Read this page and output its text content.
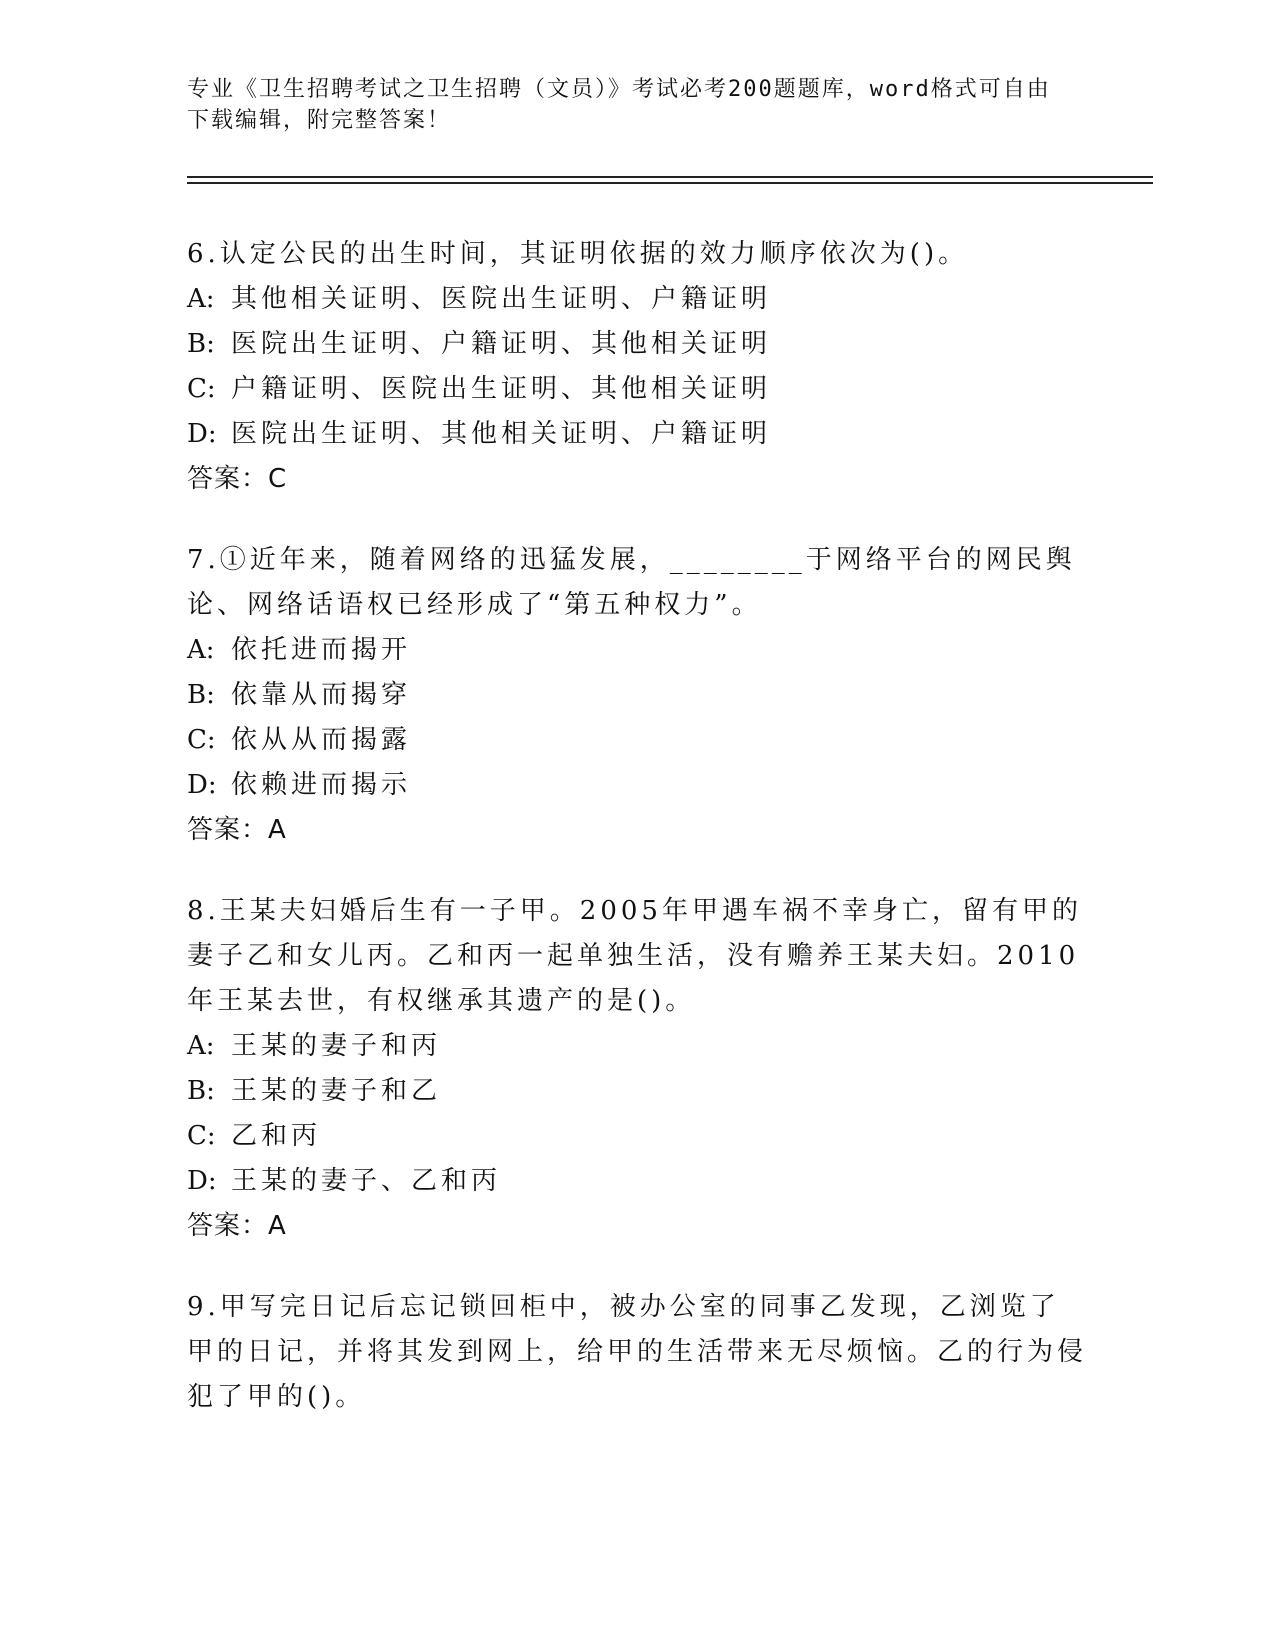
专业《卫生招聘考试之卫生招聘（文员）》考试必考200题题库，word格式可自由下载编辑，附完整答案！

6.认定公民的出生时间，其证明依据的效力顺序依次为()。

A: 其他相关证明、医院出生证明、户籍证明

B: 医院出生证明、户籍证明、其他相关证明

C: 户籍证明、医院出生证明、其他相关证明

D: 医院出生证明、其他相关证明、户籍证明

答案：C

7.①近年来，随着网络的迅猛发展，________于网络平台的网民舆论、网络话语权已经形成了“第五种权力”。

A: 依托进而揭开

B: 依靠从而揭穿

C: 依从从而揭露

D: 依赖进而揭示

答案：A

8.王某夫妇婚后生有一子甲。2005年甲遇车祸不幸身亡，留有甲的妻子乙和女儿丙。乙和丙一起单独生活，没有赡养王某夫妇。2010年王某去世，有权继承其遗产的是()。

A: 王某的妻子和丙

B: 王某的妻子和乙

C: 乙和丙

D: 王某的妻子、乙和丙

答案：A

9.甲写完日记后忘记锁回柜中，被办公室的同事乙发现，乙浏览了甲的日记，并将其发到网上，给甲的生活带来无尽烦恼。乙的行为侵犯了甲的()。
